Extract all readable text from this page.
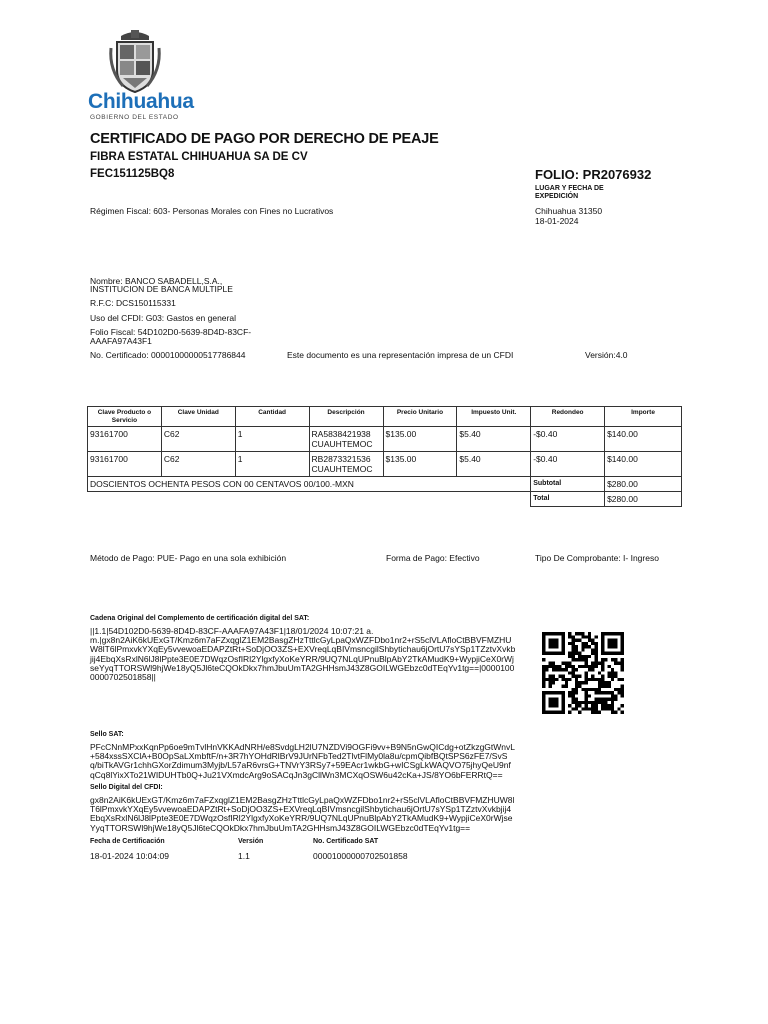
Chihuahua
GOBIERNO DEL ESTADO
CERTIFICADO DE PAGO POR DERECHO DE PEAJE
FIBRA ESTATAL CHIHUAHUA SA DE CV
FEC151125BQ8
Régimen Fiscal: 603- Personas Morales con Fines no Lucrativos
FOLIO: PR2076932
LUGAR Y FECHA DE
EXPEDICIÓN
Chihuahua 31350
18-01-2024
Nombre: BANCO SABADELL,S.A.,
INSTITUCION DE BANCA MULTIPLE
R.F.C: DCS150115331
Uso del CFDI: G03: Gastos en general
Folio Fiscal: 54D102D0-5639-8D4D-83CF-
AAAFA97A43F1
No. Certificado: 00001000000517786844	Este documento es una representación impresa de un CFDI	Versión:4.0
Clave Producto o Servicio	Clave Unidad	Cantidad	Descripción	Precio Unitario	Impuesto Unit.	Redondeo	Importe
93161700	C62	1	RA5838421938 CUAUHTEMOC	$135.00	$5.40	-$0.40	$140.00
93161700	C62	1	RB2873321536 CUAUHTEMOC	$135.00	$5.40	-$0.40	$140.00
DOSCIENTOS OCHENTA PESOS CON 00 CENTAVOS 00/100.-MXN						Subtotal	$280.00
						Total	$280.00
Método de Pago: PUE- Pago en una sola exhibición	Forma de Pago: Efectivo	Tipo De Comprobante: I- Ingreso
Cadena Original del Complemento de certificación digital del SAT:
||1.1|54D102D0-5639-8D4D-83CF-AAAFA97A43F1|18/01/2024 10:07:21 a.
m.|gx8n2AiK6kUExGT/Kmz6m7aFZxqglZ1EM2BasgZHzTttlcGyLpaQxWZFDbo1nr2+rS5clVLAfloCtBBVFMZHU
W8lT6lPmxvkYXqEy5vvewoaEDAPZtRt+SoDjOO3ZS+EXVreqLqBIVmsncgilShbytichau6jOrtU7sYSp1TZztvXvkb
jij4EbqXsRxlN6lJ8lPpte3E0E7DWqzOsfIRl2YlgxfyXoKeYRR/9UQ7NLqUPnuBlpAbY2TkAMudK9+WypjiCeX0rWj
seYyqTTORSWl9hjWe18yQ5Jl6teCQOkDkx7hmJbuUmTA2GHHsmJ43Z8GOILWGEbzc0dTEqYv1tg==|0000100
0000702501858||
Sello SAT:
PFcCNnMPxxKqnPp6oe9mTvlHnVKKAdNRH/e8SvdgLH2lU7NZDVi9OGFi9vv+B9N5nGwQICdg+otZkzgGtWnvL
+584xssSXClA+B0OpSaLXmbftF/n+3R7hYOHdRlBrV9JUrNFbTed2TlvtFlMy0la8u/cpmQibfBQtSPS6zFE7/SvS
q/biTkAVGr1chhGXorZdimum3Myjb/L57aR6vrsG+TNVrY3RSy7+59EAcr1wkbG+wICSgLkWAQVO75jhyQeU9nf
qCq8lYixXTo21WIDUHTb0Q+Ju21VXmdcArg9oSACqJn3gCllWn3MCXqOSW6u42cKa+JS/8YO6bFERRtQ==
Sello Digital del CFDI:
gx8n2AiK6kUExGT/Kmz6m7aFZxqglZ1EM2BasgZHzTttlcGyLpaQxWZFDbo1nr2+rS5clVLAfloCtBBVFMZHUW8l
T6lPmxvkYXqEy5vvewoaEDAPZtRt+SoDjOO3ZS+EXVreqLqBIVmsncgilShbytichau6jOrtU7sYSp1TZztvXvkbjij4
EbqXsRxlN6lJ8lPpte3E0E7DWqzOsfIRl2YlgxfyXoKeYRR/9UQ7NLqUPnuBlpAbY2TkAMudK9+WypjiCeX0rWjse
YyqTTORSWl9hjWe18yQ5Jl6teCQOkDkx7hmJbuUmTA2GHHsmJ43Z8GOILWGEbzc0dTEqYv1tg==
Fecha de Certificación	Versión	No. Certificado SAT
18-01-2024 10:04:09	1.1	00001000000702501858
